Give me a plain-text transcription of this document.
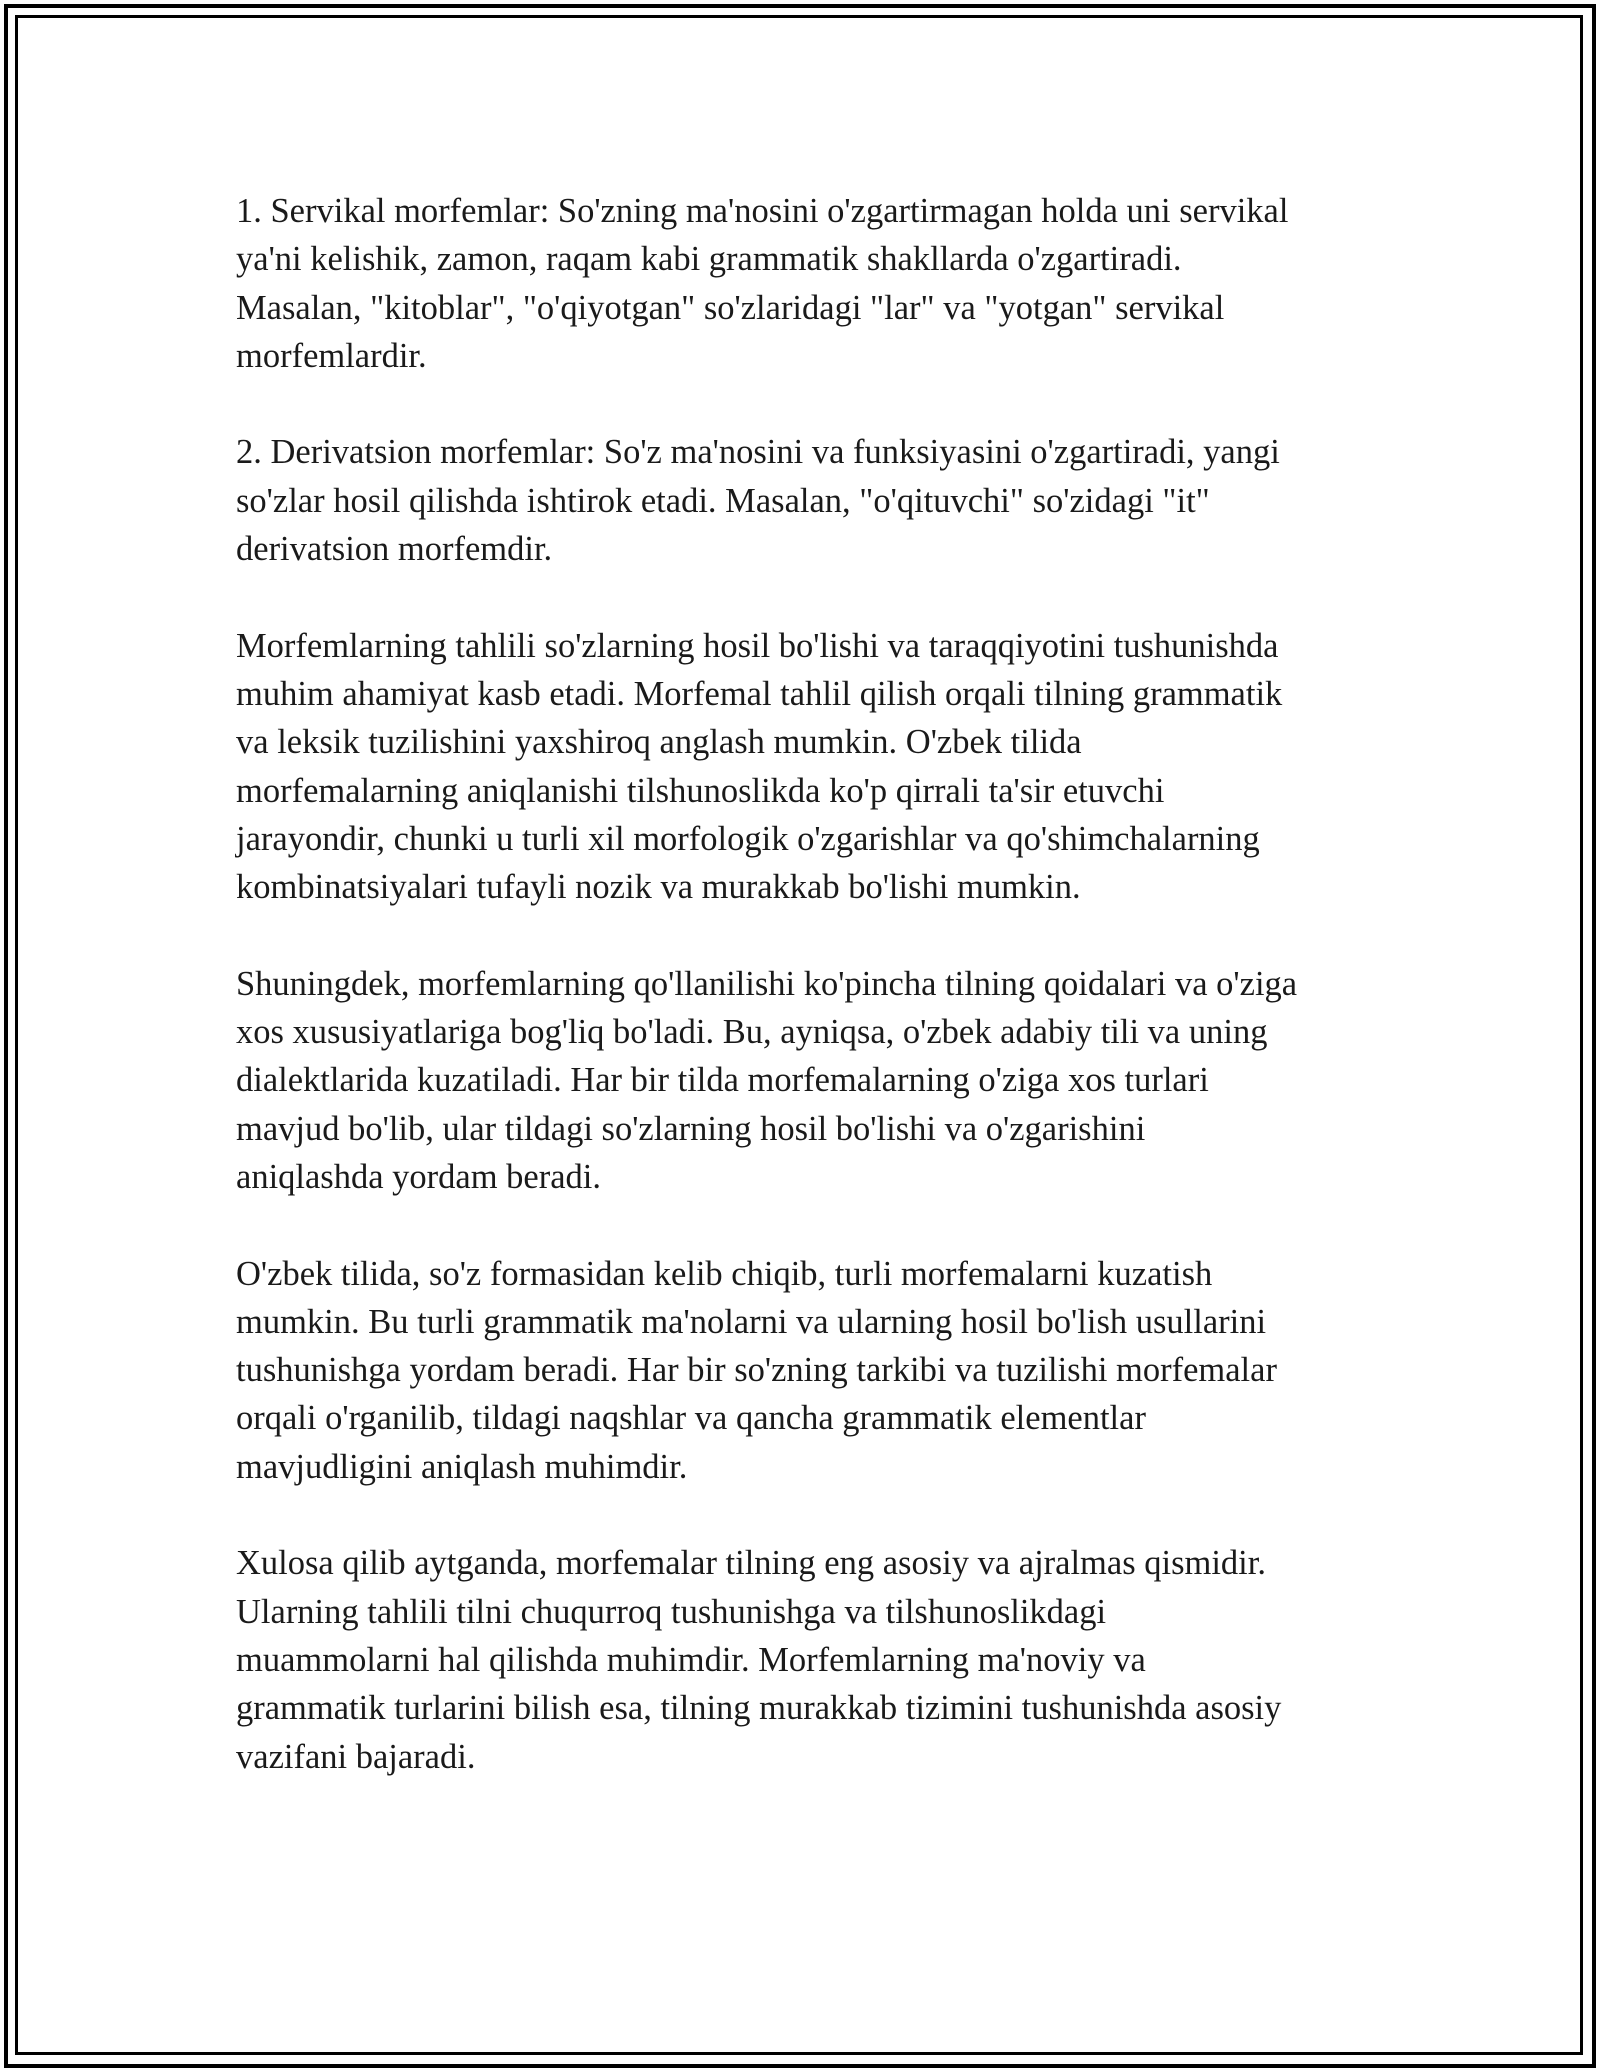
1. Servikal morfemlar: So'zning ma'nosini o'zgartirmagan holda uni servikal
ya'ni kelishik, zamon, raqam kabi grammatik shakllarda o'zgartiradi.
Masalan, "kitoblar", "o'qiyotgan" so'zlaridagi "lar" va "yotgan" servikal
morfemlardir.

2. Derivatsion morfemlar: So'z ma'nosini va funksiyasini o'zgartiradi, yangi
so'zlar hosil qilishda ishtirok etadi. Masalan, "o'qituvchi" so'zidagi "it"
derivatsion morfemdir.

Morfemlarning tahlili so'zlarning hosil bo'lishi va taraqqiyotini tushunishda
muhim ahamiyat kasb etadi. Morfemal tahlil qilish orqali tilning grammatik
va leksik tuzilishini yaxshiroq anglash mumkin. O'zbek tilida
morfemalarning aniqlanishi tilshunoslikda ko'p qirrali ta'sir etuvchi
jarayondir, chunki u turli xil morfologik o'zgarishlar va qo'shimchalarning
kombinatsiyalari tufayli nozik va murakkab bo'lishi mumkin.

Shuningdek, morfemlarning qo'llanilishi ko'pincha tilning qoidalari va o'ziga
xos xususiyatlariga bog'liq bo'ladi. Bu, ayniqsa, o'zbek adabiy tili va uning
dialektlarida kuzatiladi. Har bir tilda morfemalarning o'ziga xos turlari
mavjud bo'lib, ular tildagi so'zlarning hosil bo'lishi va o'zgarishini
aniqlashda yordam beradi.

O'zbek tilida, so'z formasidan kelib chiqib, turli morfemalarni kuzatish
mumkin. Bu turli grammatik ma'nolarni va ularning hosil bo'lish usullarini
tushunishga yordam beradi. Har bir so'zning tarkibi va tuzilishi morfemalar
orqali o'rganilib, tildagi naqshlar va qancha grammatik elementlar
mavjudligini aniqlash muhimdir.

Xulosa qilib aytganda, morfemalar tilning eng asosiy va ajralmas qismidir.
Ularning tahlili tilni chuqurroq tushunishga va tilshunoslikdagi
muammolarni hal qilishda muhimdir. Morfemlarning ma'noviy va
grammatik turlarini bilish esa, tilning murakkab tizimini tushunishda asosiy
vazifani bajaradi.
